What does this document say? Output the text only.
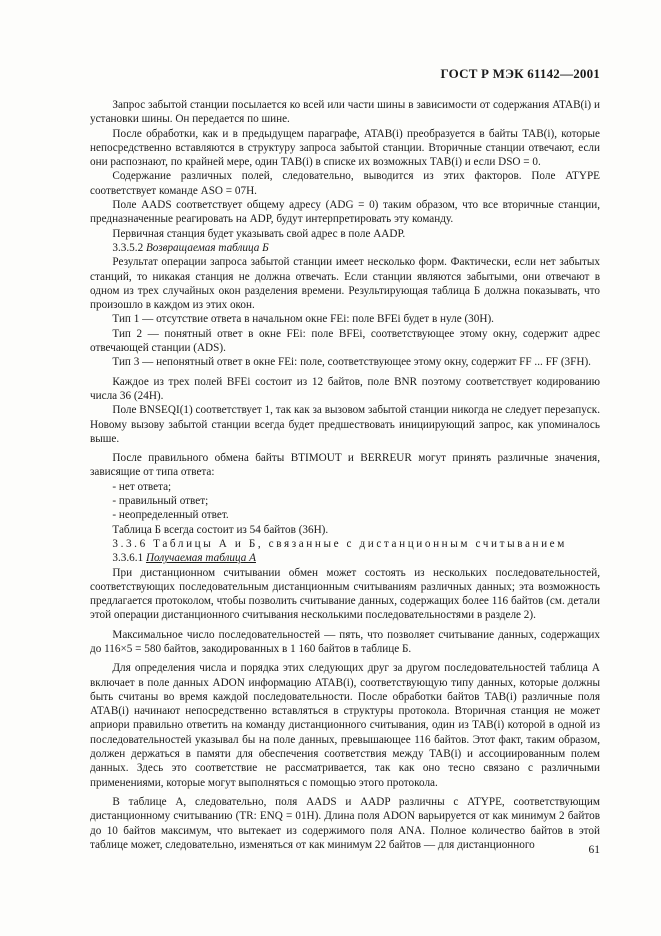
ГОСТ Р МЭК 61142—2001

Запрос забытой станции посылается ко всей или части шины в зависимости от содержания ATAB(i) и установки шины. Он передается по шине.

После обработки, как и в предыдущем параграфе, ATAB(i) преобразуется в байты TAB(i), которые непосредственно вставляются в структуру запроса забытой станции. Вторичные станции отвечают, если они распознают, по крайней мере, один TAB(i) в списке их возможных TAB(i) и если DSO = 0.

Содержание различных полей, следовательно, выводится из этих факторов. Поле ATYPE соответствует команде ASO = 07H.

Поле AADS соответствует общему адресу (ADG = 0) таким образом, что все вторичные станции, предназначенные реагировать на ADP, будут интерпретировать эту команду.

Первичная станция будет указывать свой адрес в поле AADP.

3.3.5.2 Возвращаемая таблица Б

Результат операции запроса забытой станции имеет несколько форм. Фактически, если нет забытых станций, то никакая станция не должна отвечать. Если станции являются забытыми, они отвечают в одном из трех случайных окон разделения времени. Результирующая таблица Б должна показывать, что произошло в каждом из этих окон.

Тип 1 — отсутствие ответа в начальном окне FEi: поле BFEi будет в нуле (30H).

Тип 2 — понятный ответ в окне FEi: поле BFEi, соответствующее этому окну, содержит адрес отвечающей станции (ADS).

Тип 3 — непонятный ответ в окне FEi: поле, соответствующее этому окну, содержит FF ... FF (3FH).

Каждое из трех полей BFEi состоит из 12 байтов, поле BNR поэтому соответствует кодированию числа 36 (24H).

Поле BNSEQI(1) соответствует 1, так как за вызовом забытой станции никогда не следует перезапуск. Новому вызову забытой станции всегда будет предшествовать инициирующий запрос, как упоминалось выше.

После правильного обмена байты BTIMOUT и BERREUR могут принять различные значения, зависящие от типа ответа:

- нет ответа;

- правильный ответ;

- неопределенный ответ.

Таблица Б всегда состоит из 54 байтов (36H).

3.3.6 Таблицы А и Б, связанные с дистанционным считыванием

3.3.6.1 Получаемая таблица А

При дистанционном считывании обмен может состоять из нескольких последовательностей, соответствующих последовательным дистанционным считываниям различных данных; эта возможность предлагается протоколом, чтобы позволить считывание данных, содержащих более 116 байтов (см. детали этой операции дистанционного считывания несколькими последовательностями в разделе 2).

Максимальное число последовательностей — пять, что позволяет считывание данных, содержащих до 116×5 = 580 байтов, закодированных в 1 160 байтов в таблице Б.

Для определения числа и порядка этих следующих друг за другом последовательностей таблица А включает в поле данных ADON информацию ATAB(i), соответствующую типу данных, которые должны быть считаны во время каждой последовательности. После обработки байтов TAB(i) различные поля ATAB(i) начинают непосредственно вставляться в структуры протокола. Вторичная станция не может априори правильно ответить на команду дистанционного считывания, один из TAB(i) которой в одной из последовательностей указывал бы на поле данных, превышающее 116 байтов. Этот факт, таким образом, должен держаться в памяти для обеспечения соответствия между TAB(i) и ассоциированным полем данных. Здесь это соответствие не рассматривается, так как оно тесно связано с различными применениями, которые могут выполняться с помощью этого протокола.

В таблице А, следовательно, поля AADS и AADP различны с ATYPE, соответствующим дистанционному считыванию (TR: ENQ = 01H). Длина поля ADON варьируется от как минимум 2 байтов до 10 байтов максимум, что вытекает из содержимого поля ANA. Полное количество байтов в этой таблице может, следовательно, изменяться от как минимум 22 байтов — для дистанционного	61
